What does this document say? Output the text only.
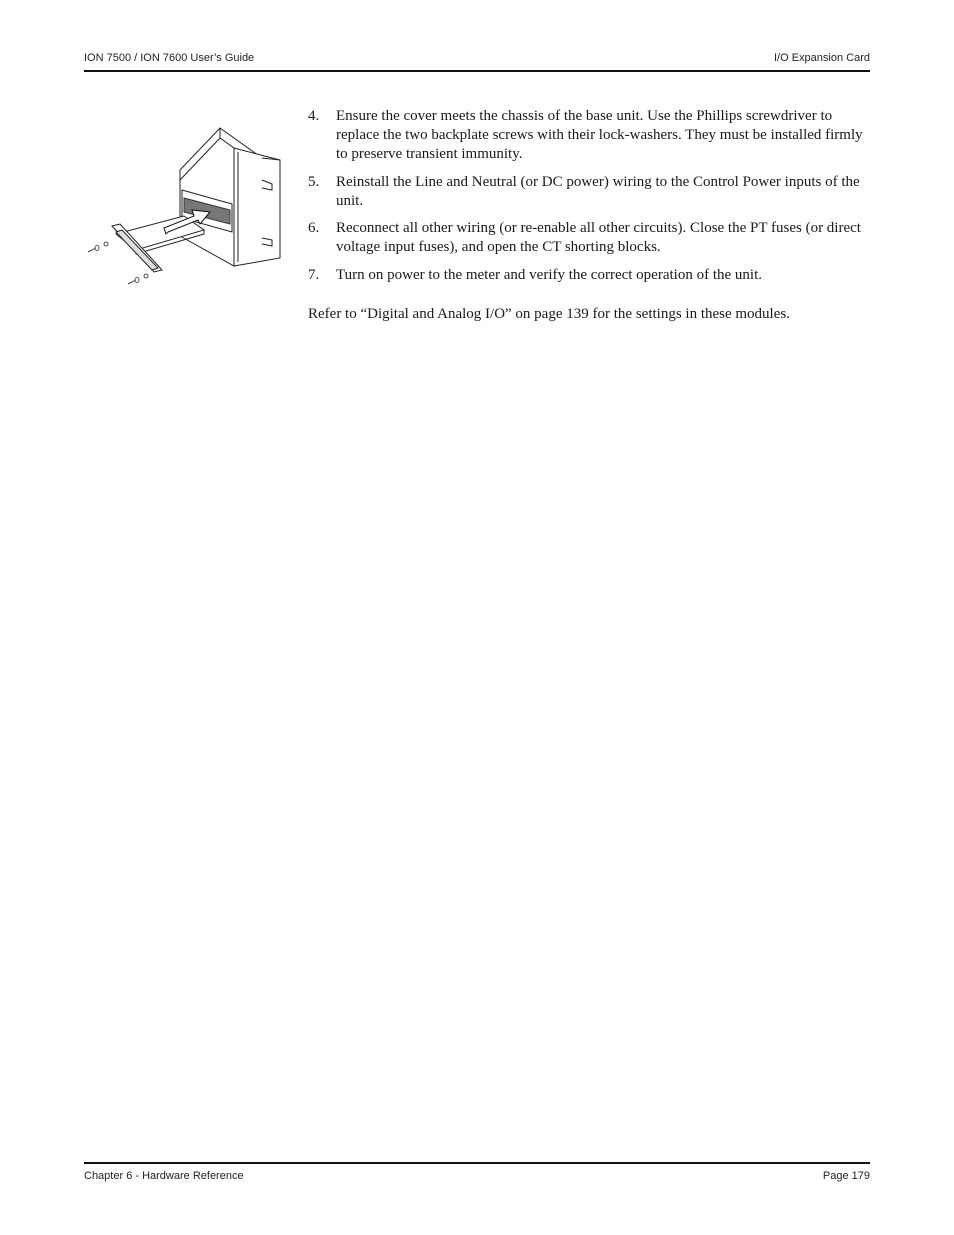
ION 7500 / ION 7600 User’s Guide	I/O Expansion Card
4. Ensure the cover meets the chassis of the base unit. Use the Phillips screwdriver to replace the two backplate screws with their lock-washers. They must be installed firmly to preserve transient immunity.
5. Reinstall the Line and Neutral (or DC power) wiring to the Control Power inputs of the unit.
6. Reconnect all other wiring (or re-enable all other circuits). Close the PT fuses (or direct voltage input fuses), and open the CT shorting blocks.
7. Turn on power to the meter and verify the correct operation of the unit.

Refer to “Digital and Analog I/O” on page 139 for the settings in these modules.

Chapter 6 - Hardware Reference	Page 179
